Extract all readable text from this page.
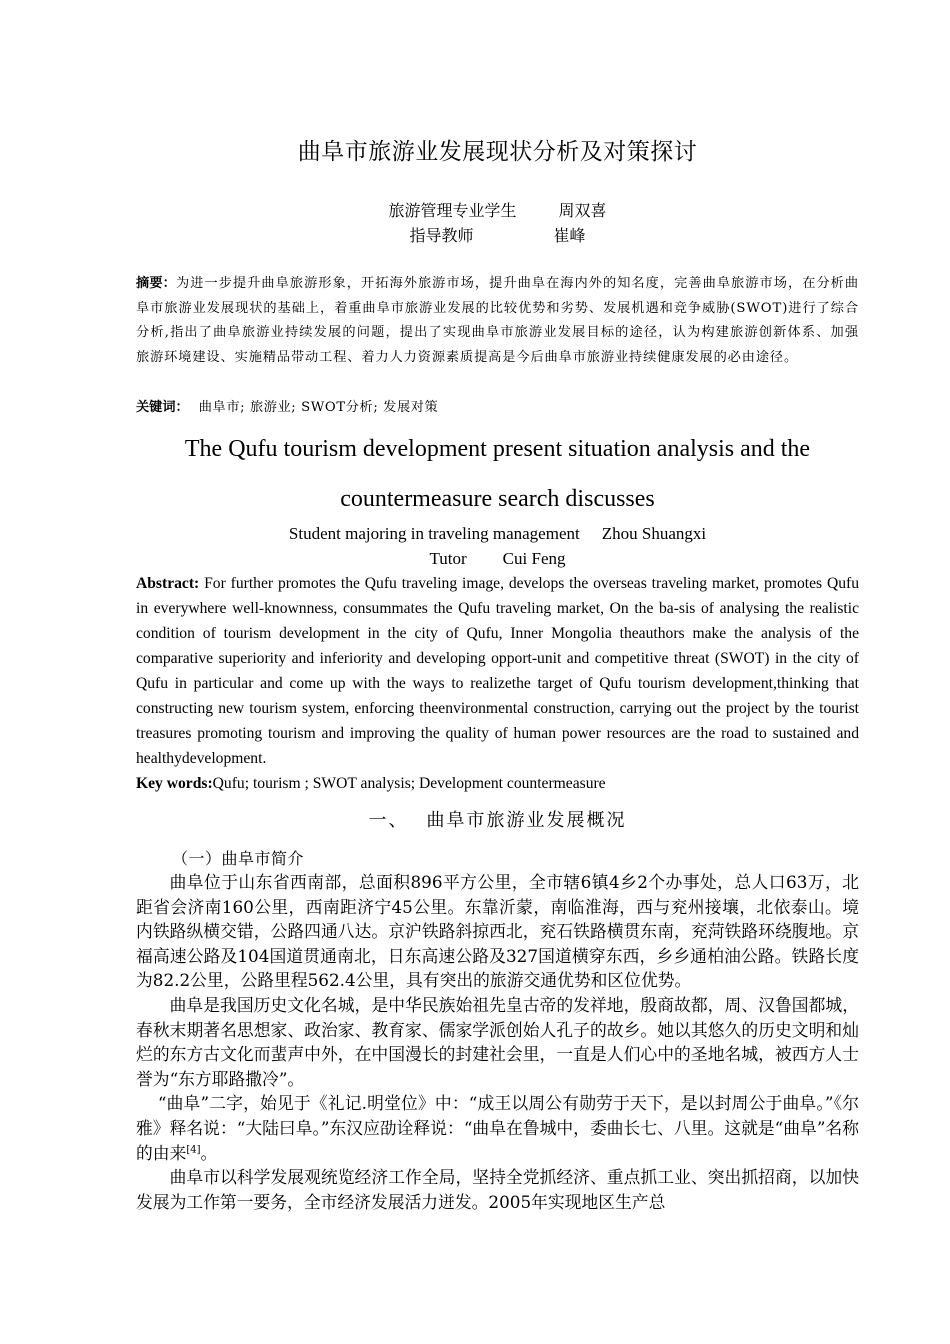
曲阜市旅游业发展现状分析及对策探讨
旅游管理专业学生	周双喜
指导教师	崔峰
摘要：为进一步提升曲阜旅游形象，开拓海外旅游市场，提升曲阜在海内外的知名度，完善曲阜旅游市场，在分析曲阜市旅游业发展现状的基础上，着重曲阜市旅游业发展的比较优势和劣势、发展机遇和竞争威胁(SWOT)进行了综合分析,指出了曲阜旅游业持续发展的问题，提出了实现曲阜市旅游业发展目标的途径，认为构建旅游创新体系、加强旅游环境建设、实施精品带动工程、着力人力资源素质提高是今后曲阜市旅游业持续健康发展的必由途径。
关键词： 曲阜市; 旅游业; SWOT分析; 发展对策
The Qufu tourism development present situation analysis and the
countermeasure search discusses
Student majoring in traveling management Zhou Shuangxi
Tutor Cui Feng
Abstract: For further promotes the Qufu traveling image, develops the overseas traveling market, promotes Qufu in everywhere well-knownness, consummates the Qufu traveling market, On the ba-sis of analysing the realistic condition of tourism development in the city of Qufu, Inner Mongolia theauthors make the analysis of the comparative superiority and inferiority and developing opport-unit and competitive threat (SWOT) in the city of Qufu in particular and come up with the ways to realizethe target of Qufu tourism development,thinking that constructing new tourism system, enforcing theenvironmental construction, carrying out the project by the tourist treasures promoting tourism and improving the quality of human power resources are the road to sustained and healthydevelopment.
Key words:Qufu; tourism ; SWOT analysis; Development countermeasure
一、 曲阜市旅游业发展概况
（一）曲阜市简介

曲阜位于山东省西南部，总面积896平方公里，全市辖6镇4乡2个办事处，总人口63万，北距省会济南160公里，西南距济宁45公里。东靠沂蒙，南临淮海，西与兖州接壤，北依泰山。境内铁路纵横交错，公路四通八达。京沪铁路斜掠西北，兖石铁路横贯东南，兖菏铁路环绕腹地。京福高速公路及104国道贯通南北，日东高速公路及327国道横穿东西，乡乡通柏油公路。铁路长度为82.2公里，公路里程562.4公里，具有突出的旅游交通优势和区位优势。

曲阜是我国历史文化名城，是中华民族始祖先皇古帝的发祥地，殷商故都，周、汉鲁国都城，春秋末期著名思想家、政治家、教育家、儒家学派创始人孔子的故乡。她以其悠久的历史文明和灿烂的东方古文化而蜚声中外，在中国漫长的封建社会里，一直是人们心中的圣地名城，被西方人士誉为“东方耶路撒冷”。

“曲阜”二字，始见于《礼记.明堂位》中：“成王以周公有勋劳于天下，是以封周公于曲阜。”《尔雅》释名说：“大陆曰阜。”东汉应劭诠释说：“曲阜在鲁城中，委曲长七、八里。这就是“曲阜”名称的由来[4]。

曲阜市以科学发展观统览经济工作全局，坚持全党抓经济、重点抓工业、突出抓招商，以加快发展为工作第一要务，全市经济发展活力迸发。2005年实现地区生产总
